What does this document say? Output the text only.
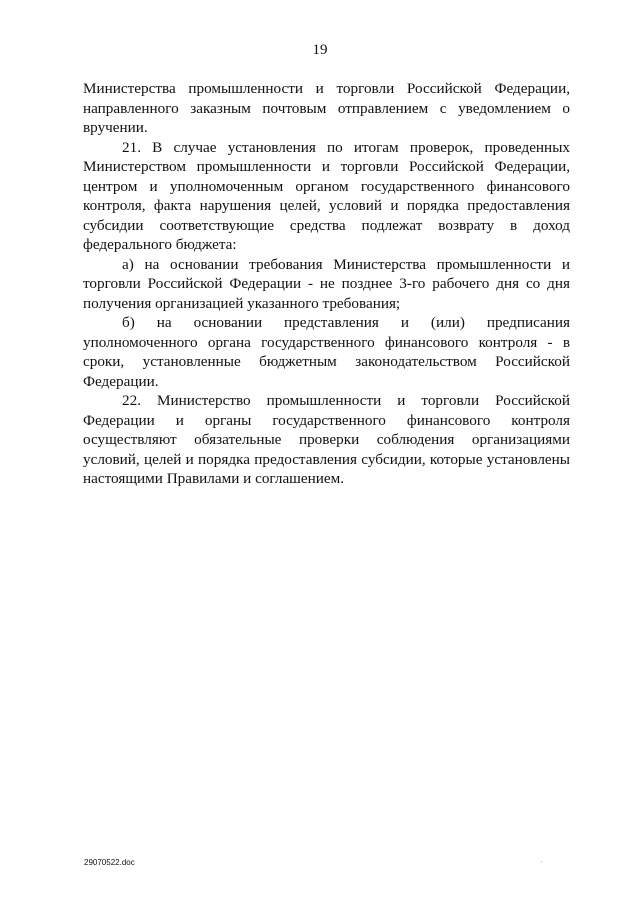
19

Министерства промышленности и торговли Российской Федерации, направленного заказным почтовым отправлением с уведомлением о вручении.

21. В случае установления по итогам проверок, проведенных Министерством промышленности и торговли Российской Федерации, центром и уполномоченным органом государственного финансового контроля, факта нарушения целей, условий и порядка предоставления субсидии соответствующие средства подлежат возврату в доход федерального бюджета:

а) на основании требования Министерства промышленности и торговли Российской Федерации - не позднее 3-го рабочего дня со дня получения организацией указанного требования;

б) на основании представления и (или) предписания уполномоченного органа государственного финансового контроля - в сроки, установленные бюджетным законодательством Российской Федерации.

22. Министерство промышленности и торговли Российской Федерации и органы государственного финансового контроля осуществляют обязательные проверки соблюдения организациями условий, целей и порядка предоставления субсидии, которые установлены настоящими Правилами и соглашением.

29070522.doc	·
